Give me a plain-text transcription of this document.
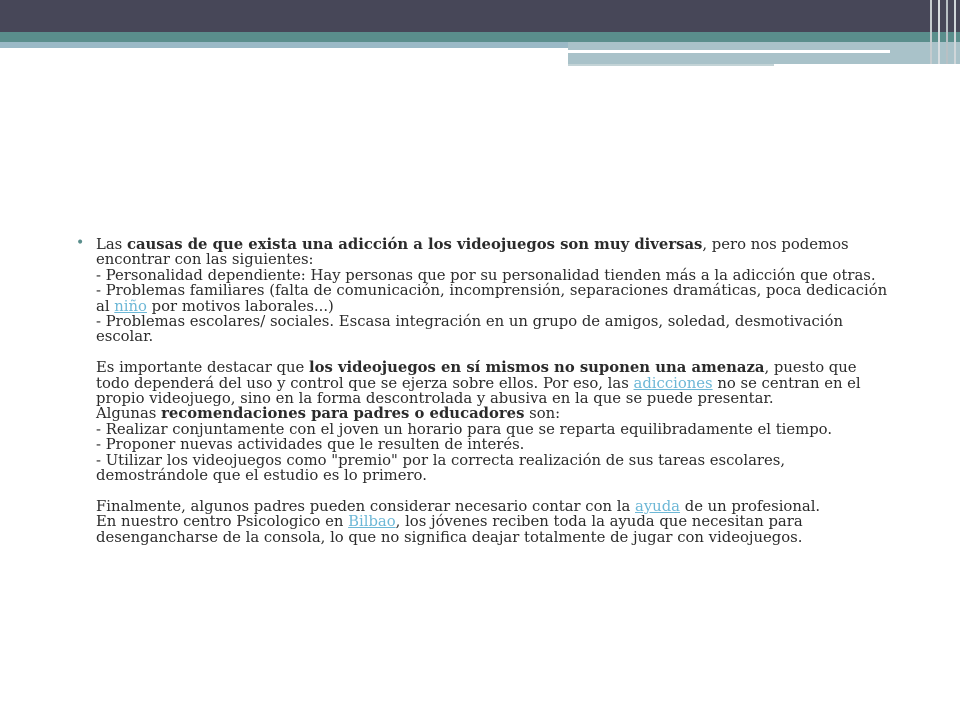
• Las causas de que exista una adicción a los videojuegos son muy diversas, pero nos podemos
encontrar con las siguientes:
- Personalidad dependiente: Hay personas que por su personalidad tienden más a la adicción que otras.
- Problemas familiares (falta de comunicación, incomprensión, separaciones dramáticas, poca dedicación
al niño por motivos laborales...)
- Problemas escolares/ sociales. Escasa integración en un grupo de amigos, soledad, desmotivación
escolar.
Es importante destacar que los videojuegos en sí mismos no suponen una amenaza, puesto que
todo dependerá del uso y control que se ejerza sobre ellos. Por eso, las adicciones no se centran en el
propio videojuego, sino en la forma descontrolada y abusiva en la que se puede presentar.
Algunas recomendaciones para padres o educadores son:
- Realizar conjuntamente con el joven un horario para que se reparta equilibradamente el tiempo.
- Proponer nuevas actividades que le resulten de interés.
- Utilizar los videojuegos como "premio" por la correcta realización de sus tareas escolares,
demostrándole que el estudio es lo primero.
Finalmente, algunos padres pueden considerar necesario contar con la ayuda de un profesional.
En nuestro centro Psicologico en Bilbao, los jóvenes reciben toda la ayuda que necesitan para
desengancharse de la consola, lo que no significa deajar totalmente de jugar con videojuegos.
